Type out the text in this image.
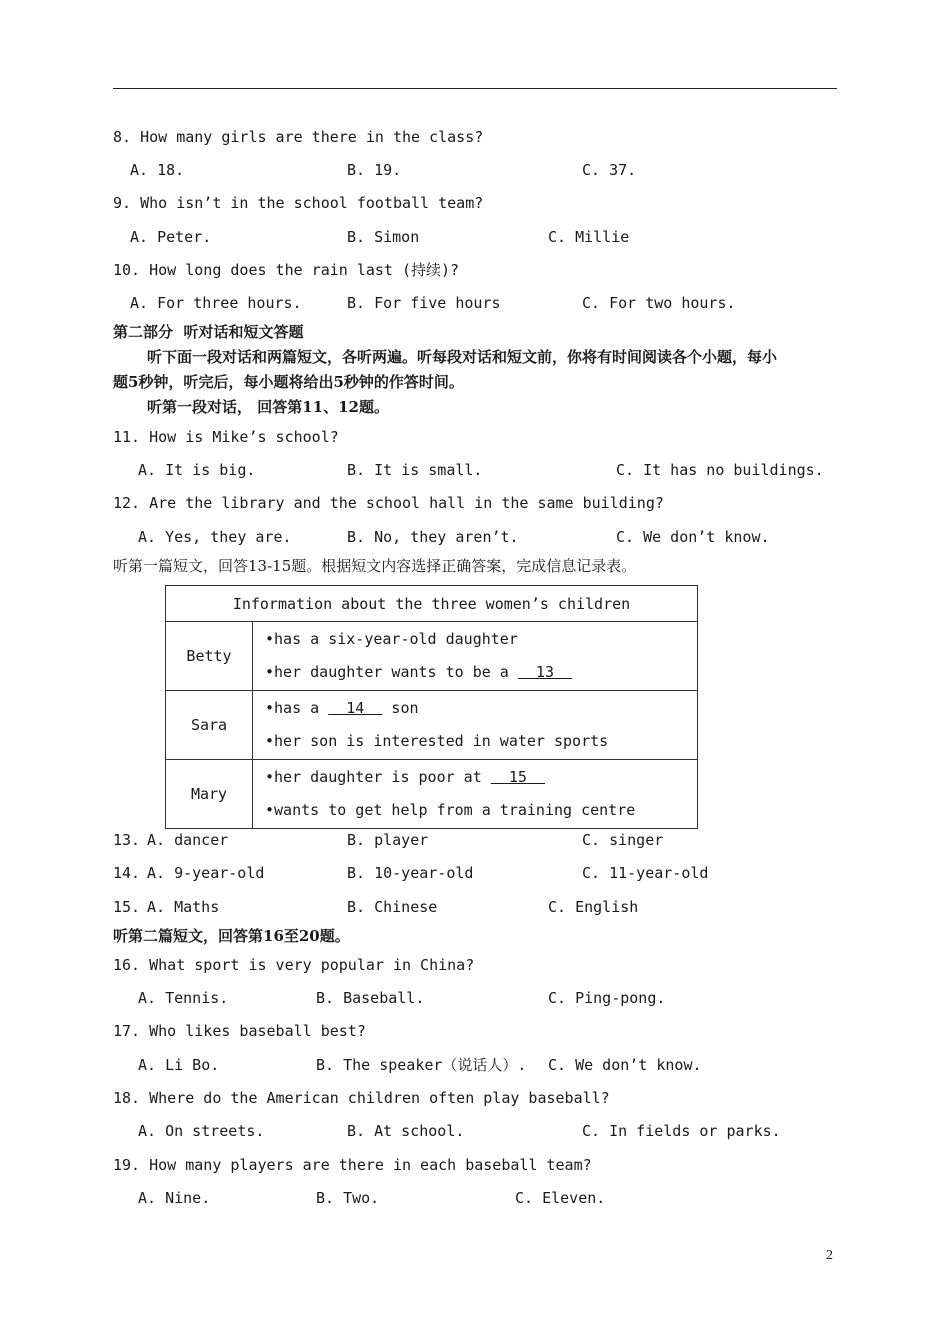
8. How many girls are there in the class?
A. 18.	B. 19.	C. 37.
9. Who isn’t in the school football team?
A. Peter.	B. Simon	C. Millie
10. How long does the rain last (持续)?
A. For three hours.	B. For five hours	C. For two hours.
第二部分  听对话和短文答题
听下面一段对话和两篇短文，各听两遍。听每段对话和短文前，你将有时间阅读各个小题，每小
题5秒钟，听完后，每小题将给出5秒钟的作答时间。
听第一段对话， 回答第11、12题。
11. How is Mike’s school?
A. It is big.	B. It is small.	C. It has no buildings.
12. Are the library and the school hall in the same building?
A. Yes, they are.	B. No, they aren’t.	C. We don’t know.
听第一篇短文，回答13-15题。根据短文内容选择正确答案，完成信息记录表。
Information about the three women’s children	
Betty	•has a six-year-old daughter
•her daughter wants to be a   13

Sara	•has a   14   son
•her son is interested in water sports

Mary	•her daughter is poor at   15
•wants to get help from a training centre
13. A. dancer	B. player	C. singer
14. A. 9-year-old	B. 10-year-old	C. 11-year-old
15. A. Maths	B. Chinese	C. English
听第二篇短文，回答第16至20题。
16. What sport is very popular in China?
A. Tennis.	B. Baseball.	C. Ping-pong.
17. Who likes baseball best?
A. Li Bo.	B. The speaker（说话人）. C. We don’t know.
18. Where do the American children often play baseball?
A. On streets.	B. At school.	C. In fields or parks.
19. How many players are there in each baseball team?
A. Nine.	B. Two.	C. Eleven.
2
